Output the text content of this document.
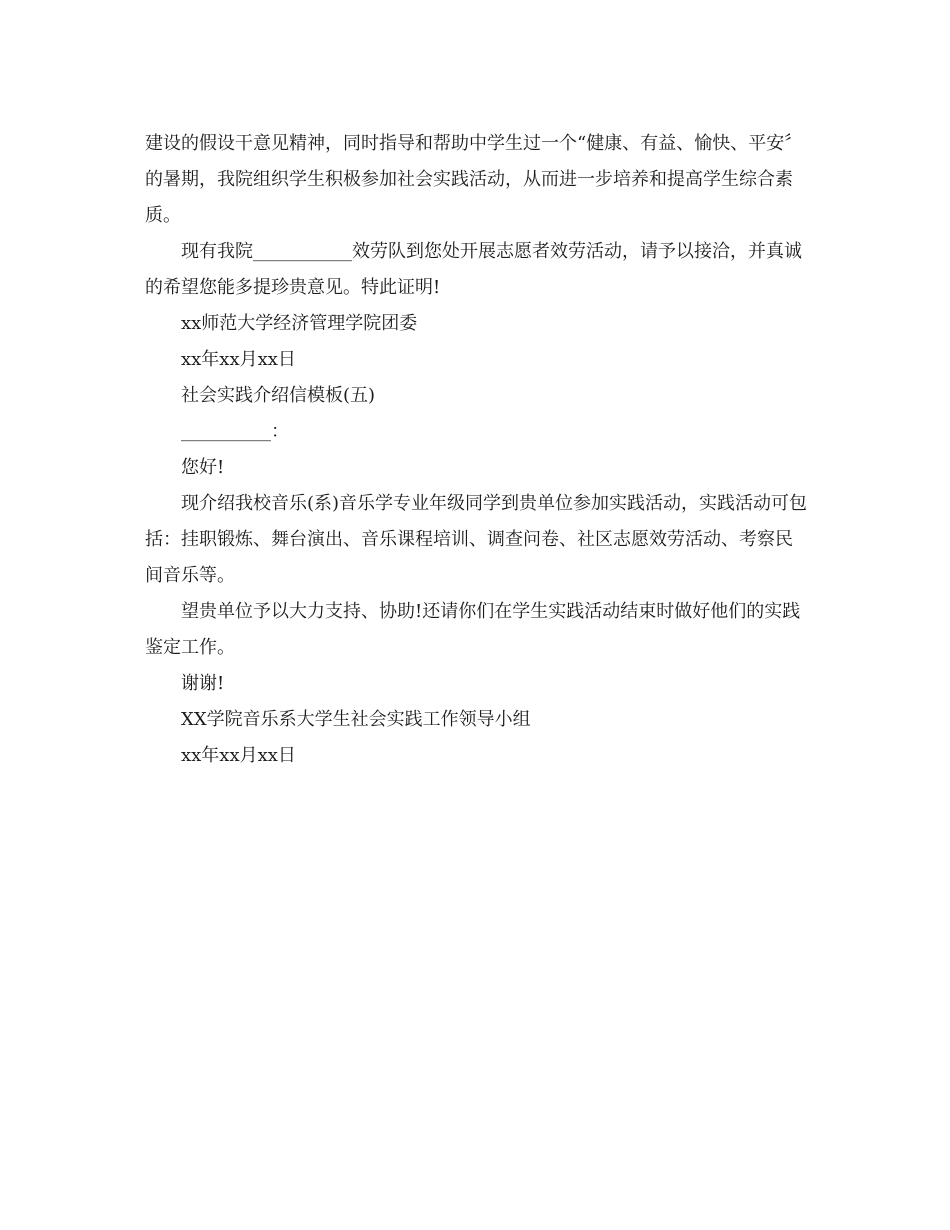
建设的假设干意见精神，同时指导和帮助中学生过一个“健康、有益、愉快、平安〞的暑期，我院组织学生积极参加社会实践活动，从而进一步培养和提高学生综合素质。

现有我院___________效劳队到您处开展志愿者效劳活动，请予以接洽，并真诚的希望您能多提珍贵意见。特此证明!

xx师范大学经济管理学院团委

xx年xx月xx日

社会实践介绍信模板(五)

__________：

您好!

现介绍我校音乐(系)音乐学专业年级同学到贵单位参加实践活动，实践活动可包括：挂职锻炼、舞台演出、音乐课程培训、调查问卷、社区志愿效劳活动、考察民间音乐等。

望贵单位予以大力支持、协助!还请你们在学生实践活动结束时做好他们的实践鉴定工作。

谢谢!

XX学院音乐系大学生社会实践工作领导小组

xx年xx月xx日
